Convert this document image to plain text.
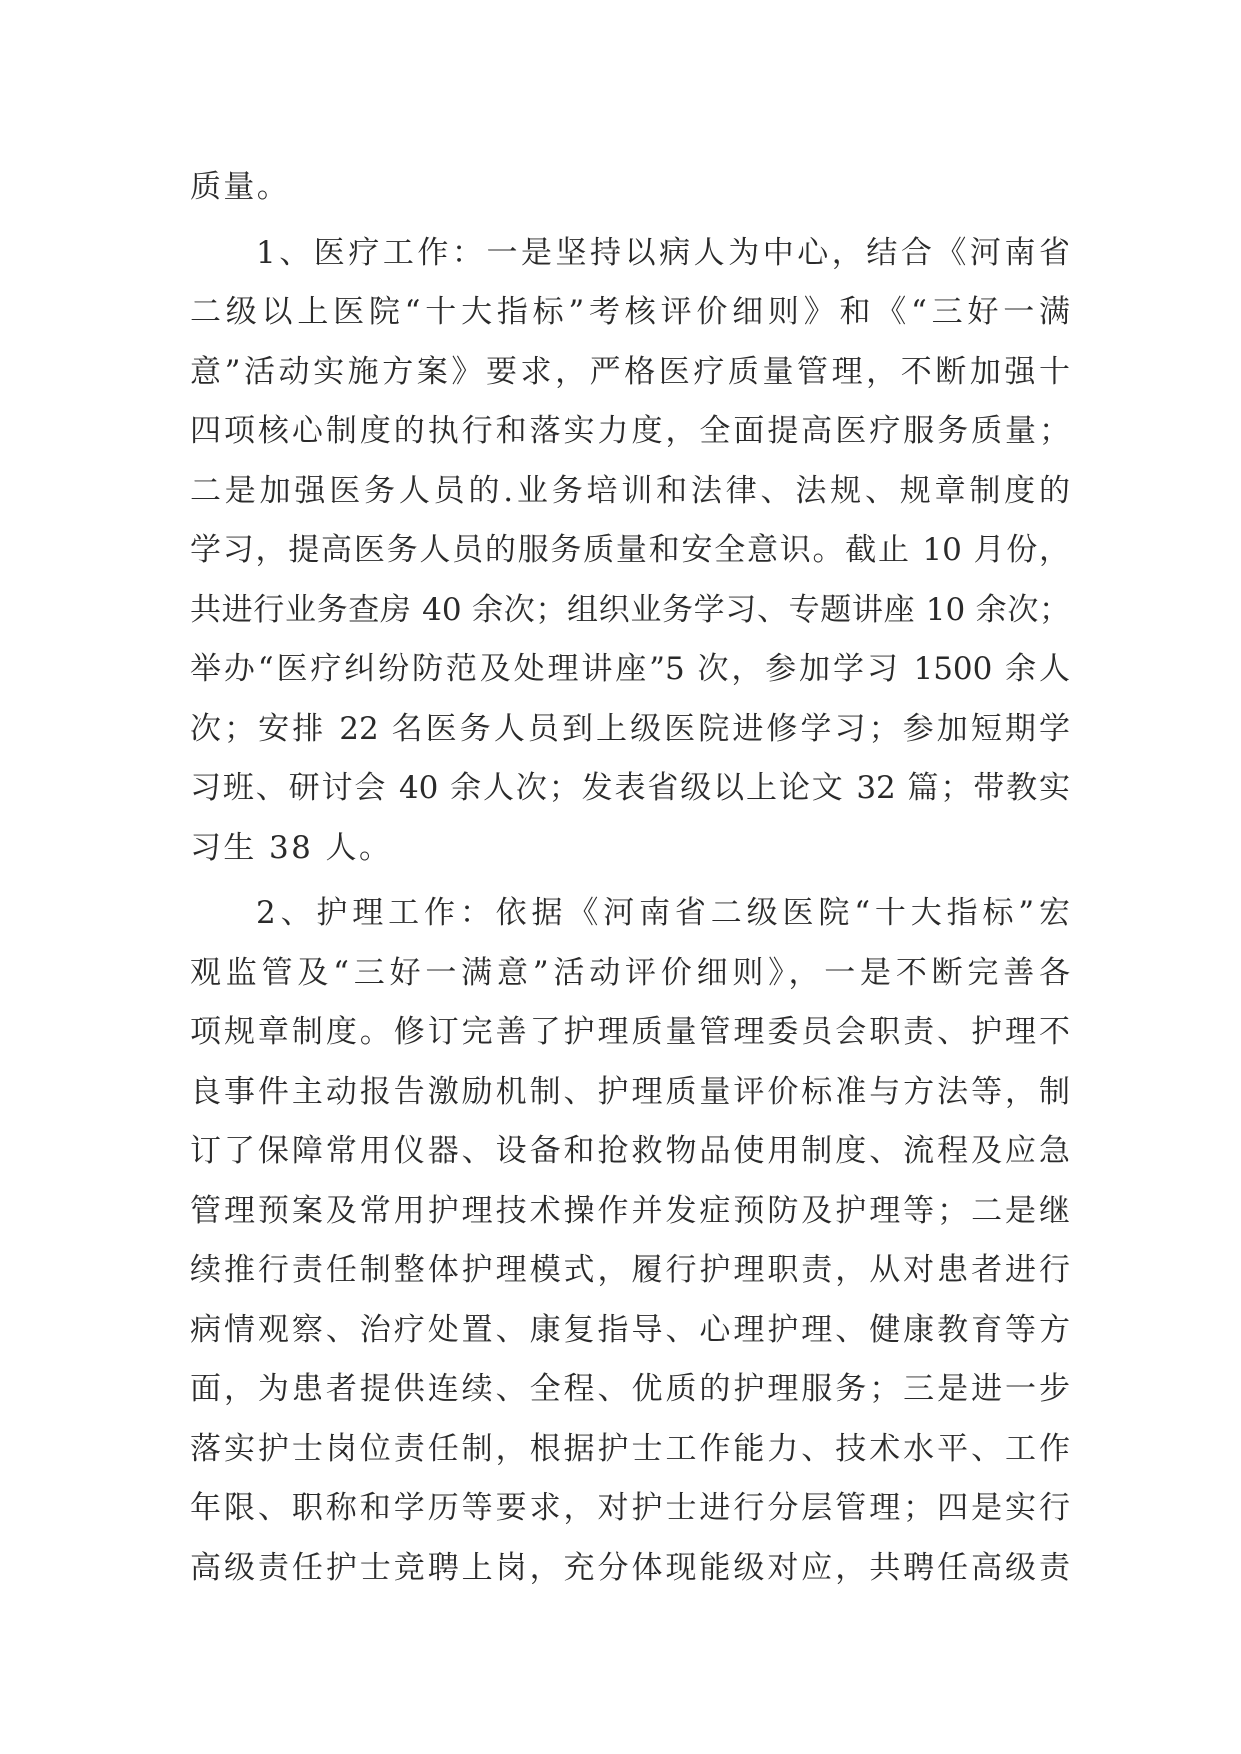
质量。
1、医疗工作：一是坚持以病人为中心，结合《河南省
二级以上医院“十大指标”考核评价细则》和《“三好一满
意”活动实施方案》要求，严格医疗质量管理，不断加强十
四项核心制度的执行和落实力度，全面提高医疗服务质量；
二是加强医务人员的.业务培训和法律、法规、规章制度的
学习，提高医务人员的服务质量和安全意识。截止 10 月份，
共进行业务查房 40 余次；组织业务学习、专题讲座 10 余次；
举办“医疗纠纷防范及处理讲座”5 次，参加学习 1500 余人
次；安排 22 名医务人员到上级医院进修学习；参加短期学
习班、研讨会 40 余人次；发表省级以上论文 32 篇；带教实
习生 38 人。
2、护理工作：依据《河南省二级医院“十大指标”宏
观监管及“三好一满意”活动评价细则》，一是不断完善各
项规章制度。修订完善了护理质量管理委员会职责、护理不
良事件主动报告激励机制、护理质量评价标准与方法等，制
订了保障常用仪器、设备和抢救物品使用制度、流程及应急
管理预案及常用护理技术操作并发症预防及护理等；二是继
续推行责任制整体护理模式，履行护理职责，从对患者进行
病情观察、治疗处置、康复指导、心理护理、健康教育等方
面，为患者提供连续、全程、优质的护理服务；三是进一步
落实护士岗位责任制，根据护士工作能力、技术水平、工作
年限、职称和学历等要求，对护士进行分层管理；四是实行
高级责任护士竞聘上岗，充分体现能级对应，共聘任高级责
